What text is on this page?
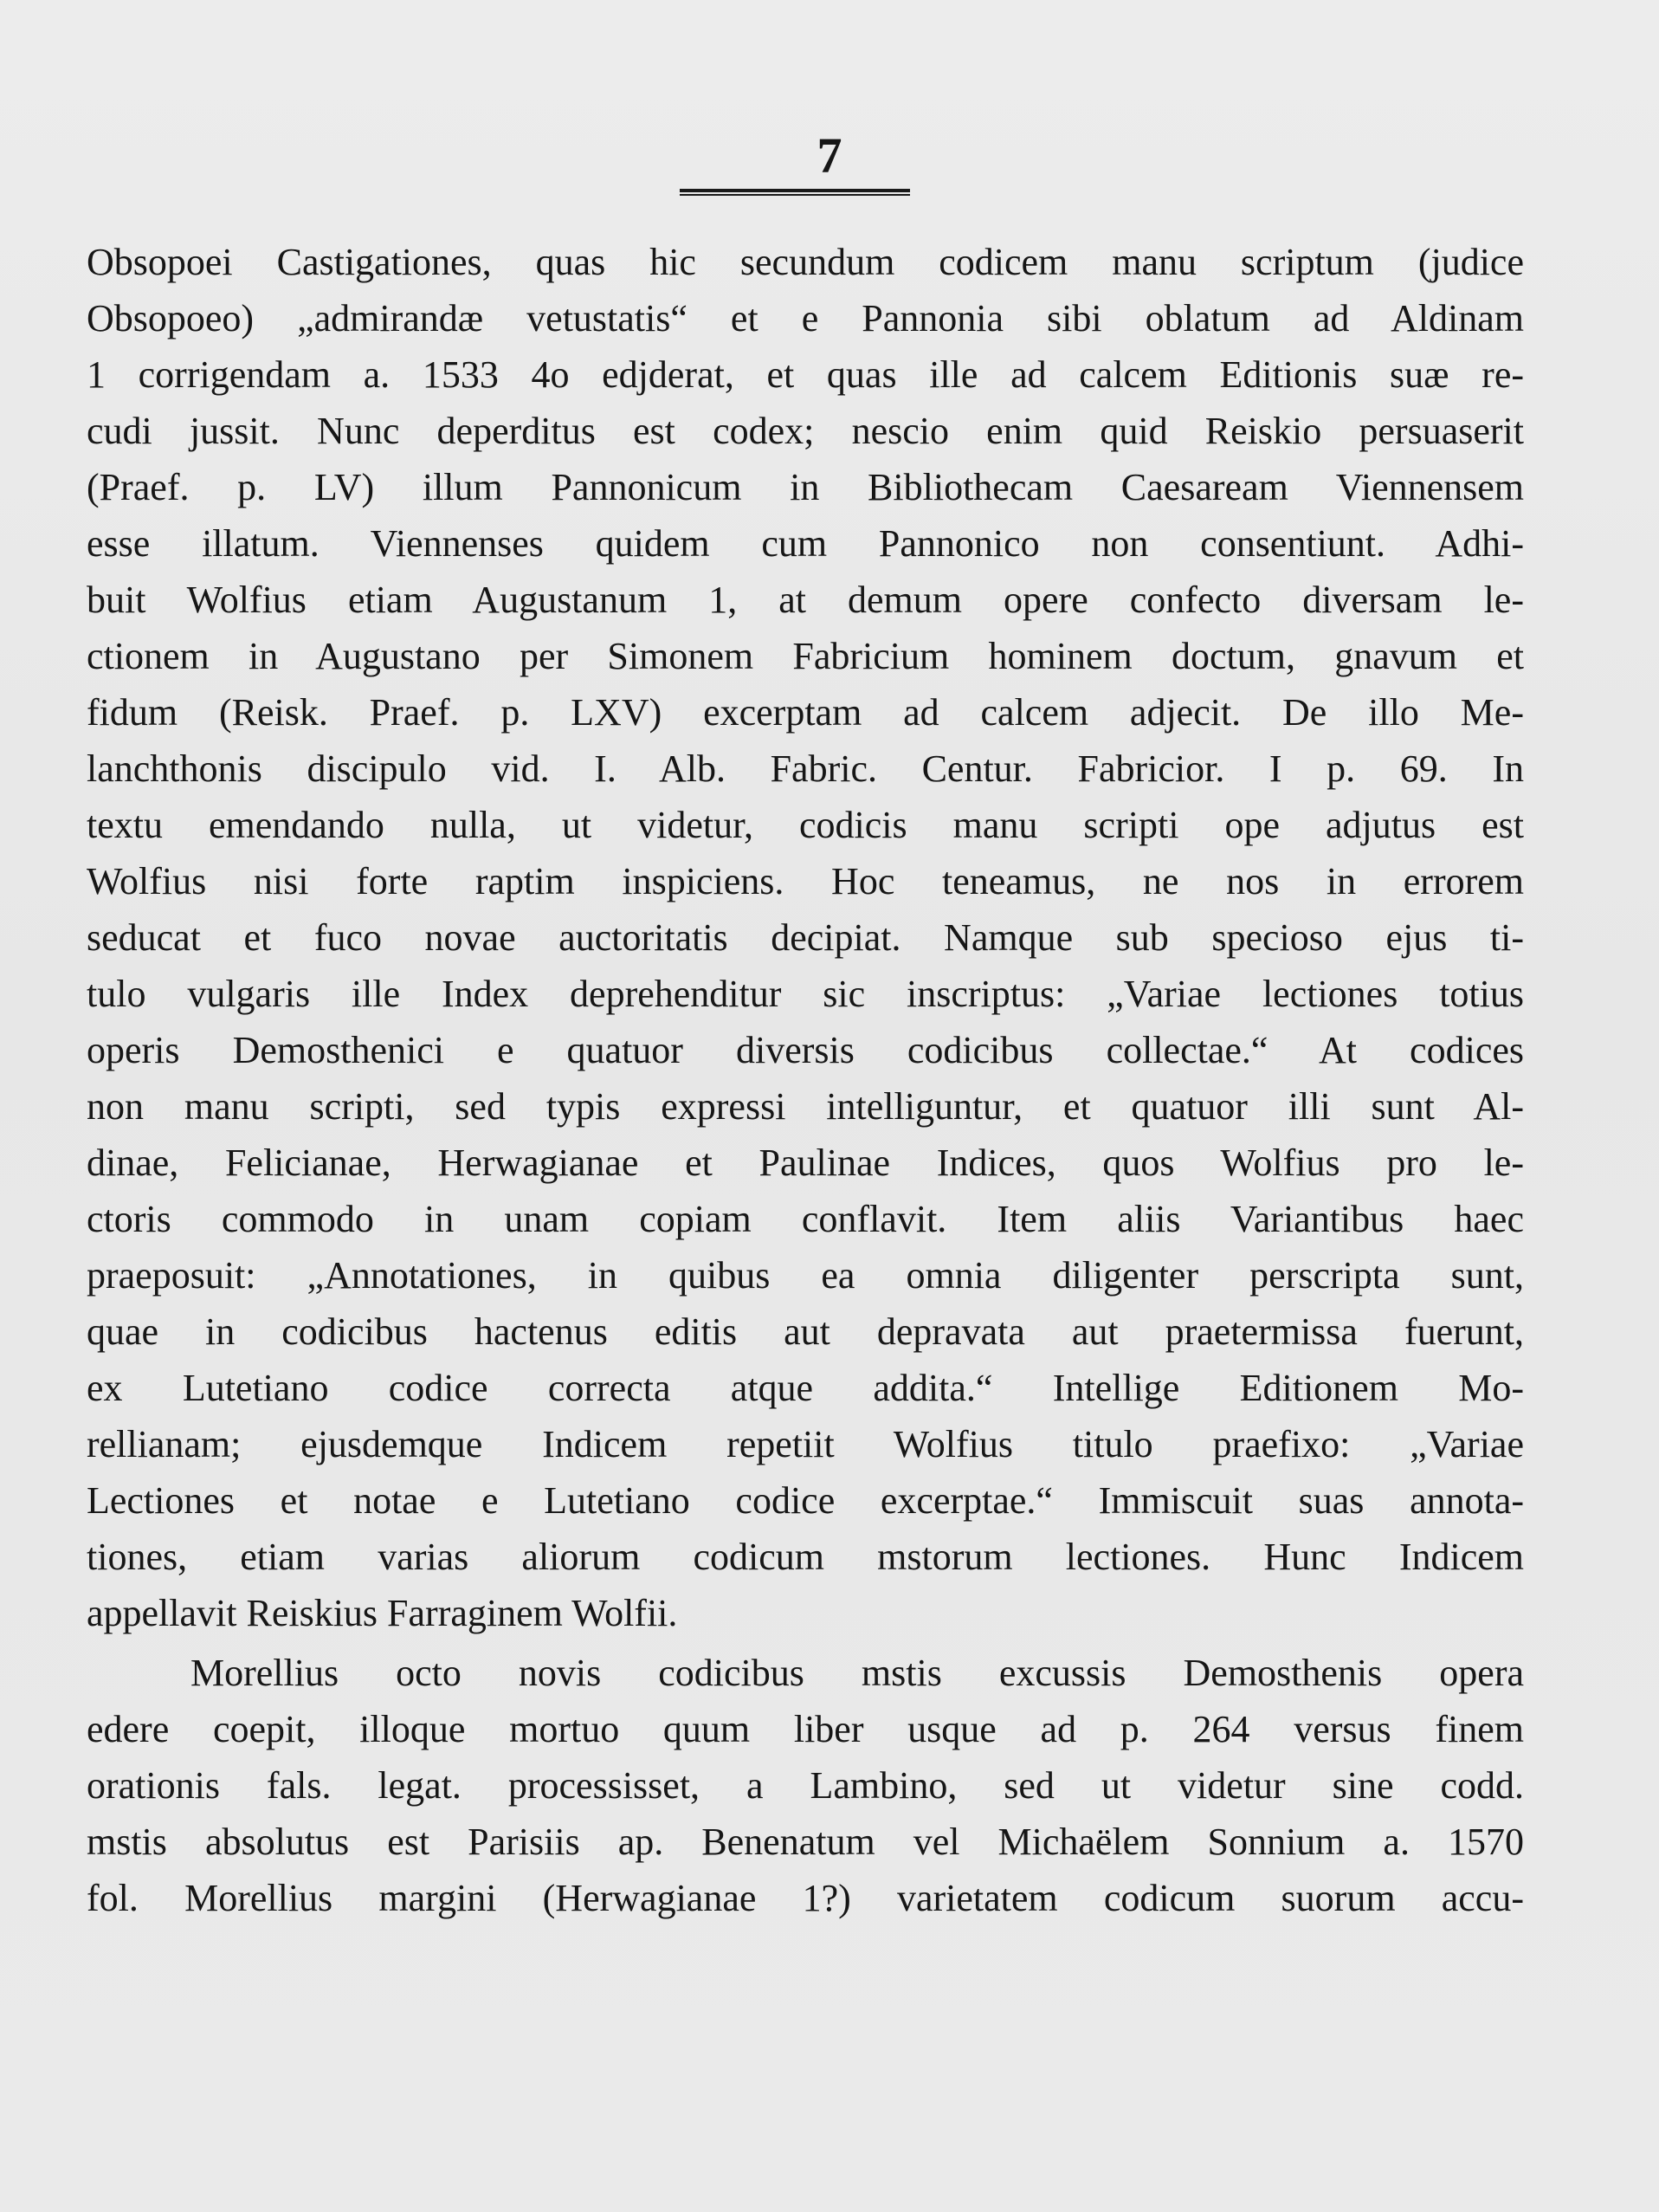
7
Obsopoei Castigationes, quas hic secundum codicem manu scriptum (judice
Obsopoeo) „admirandæ vetustatis“ et e Pannonia sibi oblatum ad Aldinam
1 corrigendam a. 1533 4o edjderat, et quas ille ad calcem Editionis suæ re-
cudi jussit. Nunc deperditus est codex; nescio enim quid Reiskio persuaserit
(Praef. p. LV) illum Pannonicum in Bibliothecam Caesaream Viennensem
esse illatum. Viennenses quidem cum Pannonico non consentiunt. Adhi-
buit Wolfius etiam Augustanum 1, at demum opere confecto diversam le-
ctionem in Augustano per Simonem Fabricium hominem doctum, gnavum et
fidum (Reisk. Praef. p. LXV) excerptam ad calcem adjecit. De illo Me-
lanchthonis discipulo vid. I. Alb. Fabric. Centur. Fabricior. I p. 69. In
textu emendando nulla, ut videtur, codicis manu scripti ope adjutus est
Wolfius nisi forte raptim inspiciens. Hoc teneamus, ne nos in errorem
seducat et fuco novae auctoritatis decipiat. Namque sub specioso ejus ti-
tulo vulgaris ille Index deprehenditur sic inscriptus: „Variae lectiones totius
operis Demosthenici e quatuor diversis codicibus collectae.“ At codices
non manu scripti, sed typis expressi intelliguntur, et quatuor illi sunt Al-
dinae, Felicianae, Herwagianae et Paulinae Indices, quos Wolfius pro le-
ctoris commodo in unam copiam conflavit. Item aliis Variantibus haec
praeposuit: „Annotationes, in quibus ea omnia diligenter perscripta sunt,
quae in codicibus hactenus editis aut depravata aut praetermissa fuerunt,
ex Lutetiano codice correcta atque addita.“ Intellige Editionem Mo-
rellianam; ejusdemque Indicem repetiit Wolfius titulo praefixo: „Variae
Lectiones et notae e Lutetiano codice excerptae.“ Immiscuit suas annota-
tiones, etiam varias aliorum codicum mstorum lectiones. Hunc Indicem
appellavit Reiskius Farraginem Wolfii.
Morellius octo novis codicibus mstis excussis Demosthenis opera
edere coepit, illoque mortuo quum liber usque ad p. 264 versus finem
orationis fals. legat. processisset, a Lambino, sed ut videtur sine codd.
mstis absolutus est Parisiis ap. Benenatum vel Michaëlem Sonnium a. 1570
fol. Morellius margini (Herwagianae 1?) varietatem codicum suorum accu-
